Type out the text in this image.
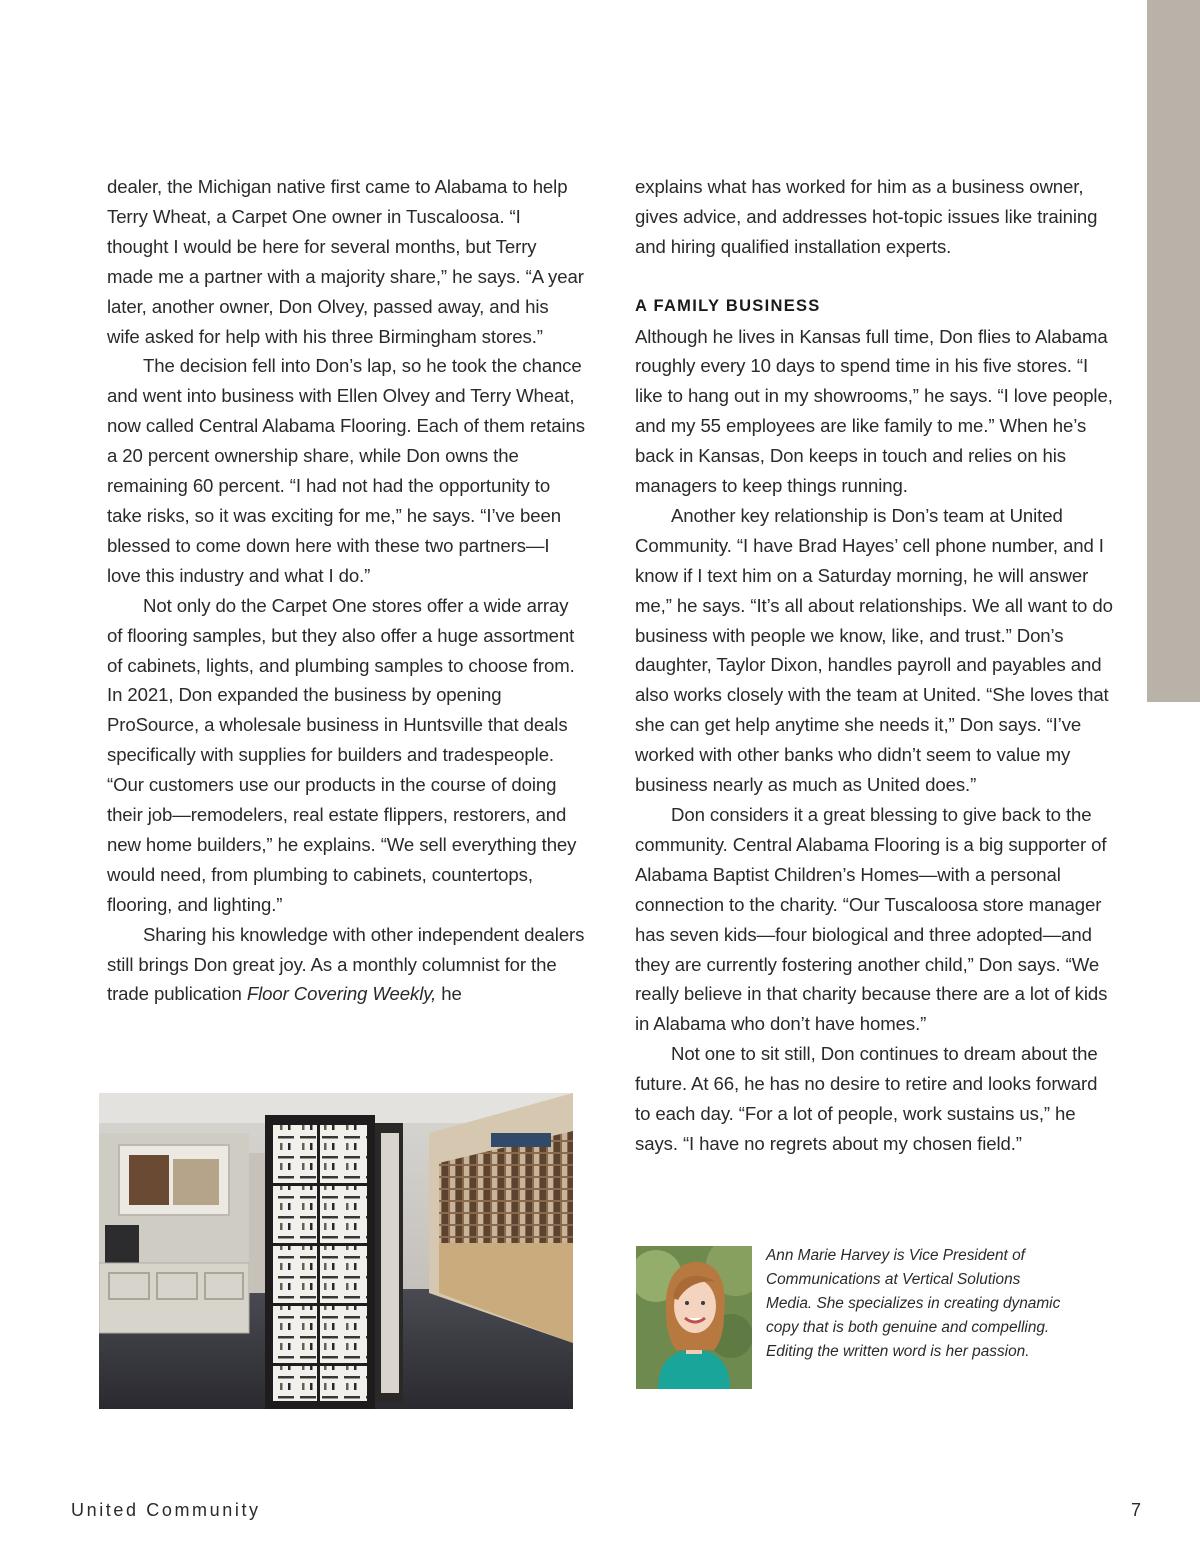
dealer, the Michigan native first came to Alabama to help Terry Wheat, a Carpet One owner in Tuscaloosa. “I thought I would be here for several months, but Terry made me a partner with a majority share,” he says. “A year later, another owner, Don Olvey, passed away, and his wife asked for help with his three Birmingham stores.”

The decision fell into Don’s lap, so he took the chance and went into business with Ellen Olvey and Terry Wheat, now called Central Alabama Flooring. Each of them retains a 20 percent ownership share, while Don owns the remaining 60 percent. “I had not had the opportunity to take risks, so it was exciting for me,” he says. “I’ve been blessed to come down here with these two partners—I love this industry and what I do.”

Not only do the Carpet One stores offer a wide array of flooring samples, but they also offer a huge assortment of cabinets, lights, and plumbing samples to choose from. In 2021, Don expanded the business by opening ProSource, a wholesale business in Huntsville that deals specifically with supplies for builders and tradespeople. “Our customers use our products in the course of doing their job—remodelers, real estate flippers, restorers, and new home builders,” he explains. “We sell everything they would need, from plumbing to cabinets, countertops, flooring, and lighting.”

Sharing his knowledge with other independent dealers still brings Don great joy. As a monthly columnist for the trade publication Floor Covering Weekly, he

explains what has worked for him as a business owner, gives advice, and addresses hot-topic issues like training and hiring qualified installation experts.

A FAMILY BUSINESS

Although he lives in Kansas full time, Don flies to Alabama roughly every 10 days to spend time in his five stores. “I like to hang out in my showrooms,” he says. “I love people, and my 55 employees are like family to me.” When he’s back in Kansas, Don keeps in touch and relies on his managers to keep things running.

Another key relationship is Don’s team at United Community. “I have Brad Hayes’ cell phone number, and I know if I text him on a Saturday morning, he will answer me,” he says. “It’s all about relationships. We all want to do business with people we know, like, and trust.” Don’s daughter, Taylor Dixon, handles payroll and payables and also works closely with the team at United. “She loves that she can get help anytime she needs it,” Don says. “I’ve worked with other banks who didn’t seem to value my business nearly as much as United does.”

Don considers it a great blessing to give back to the community. Central Alabama Flooring is a big supporter of Alabama Baptist Children’s Homes—with a personal connection to the charity. “Our Tuscaloosa store manager has seven kids—four biological and three adopted—and they are currently fostering another child,” Don says. “We really believe in that charity because there are a lot of kids in Alabama who don’t have homes.”

Not one to sit still, Don continues to dream about the future. At 66, he has no desire to retire and looks forward to each day. “For a lot of people, work sustains us,” he says. “I have no regrets about my chosen field.”

Ann Marie Harvey is Vice President of Communications at Vertical Solutions Media. She specializes in creating dynamic copy that is both genuine and compelling. Editing the written word is her passion.
United Community	7
